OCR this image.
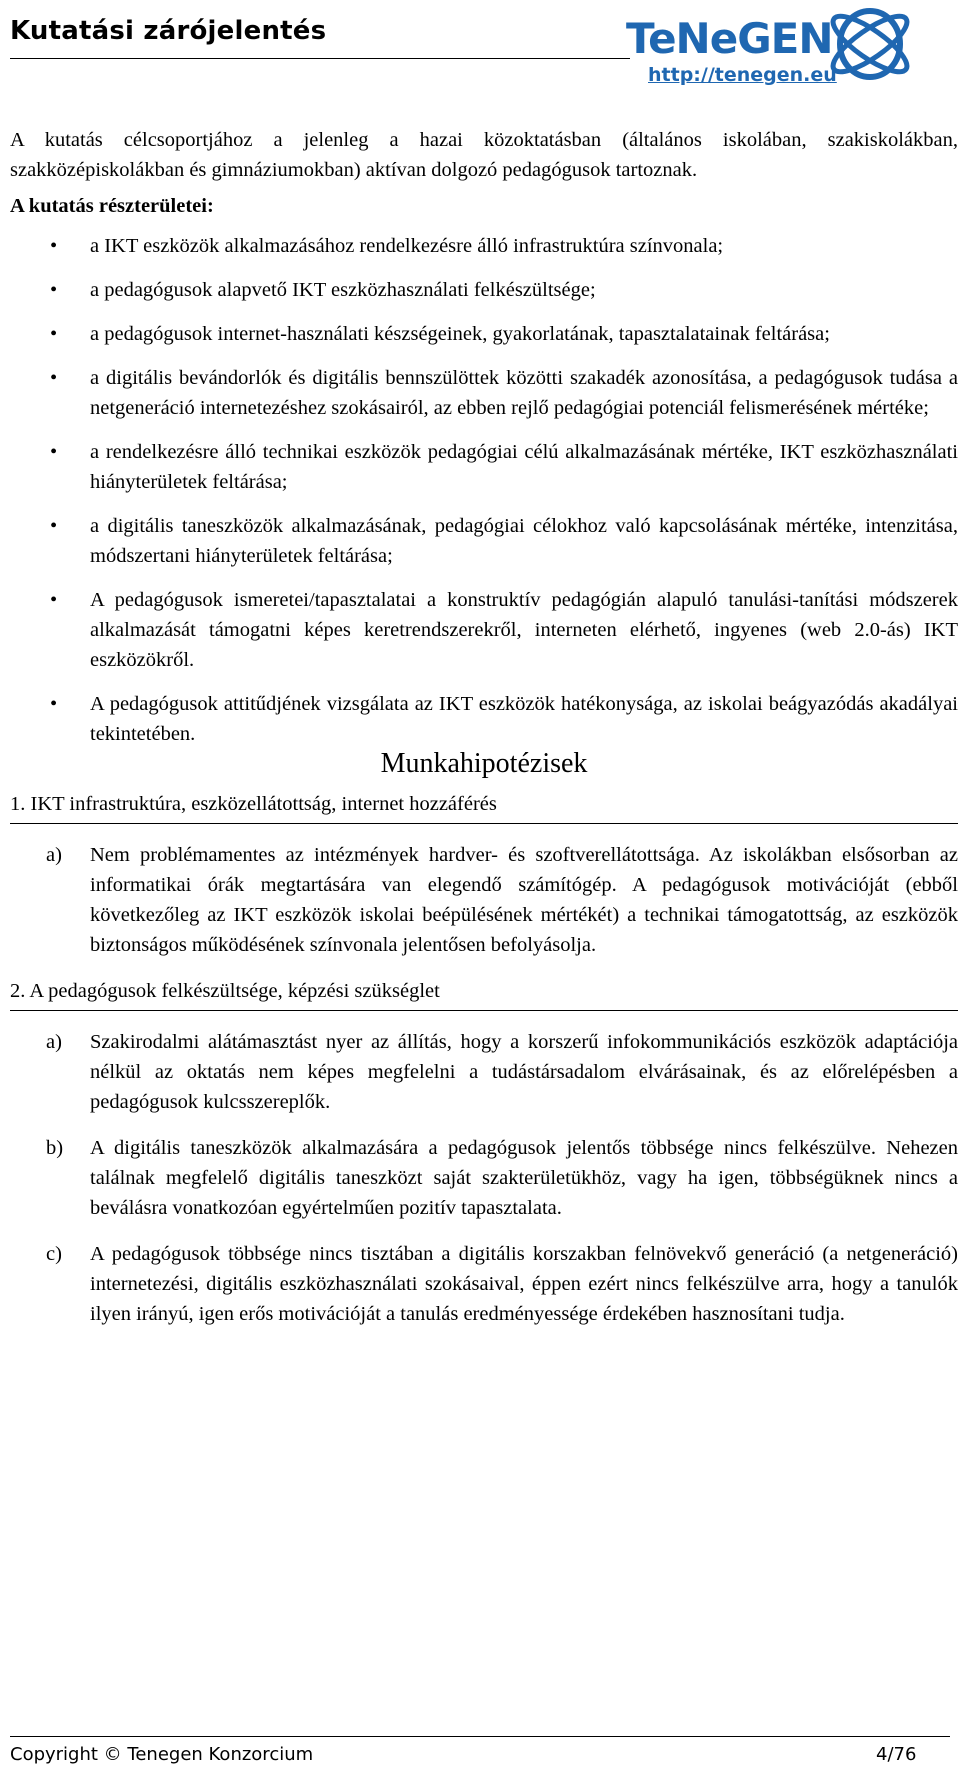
Kutatási zárójelentés	TeNeGEN
http://tenegen.eu

A kutatás célcsoportjához a jelenleg a hazai közoktatásban (általános iskolában, szakiskolákban, szakközépiskolákban és gimnáziumokban) aktívan dolgozó pedagógusok tartoznak.

A kutatás részterületei:

• a IKT eszközök alkalmazásához rendelkezésre álló infrastruktúra színvonala;
• a pedagógusok alapvető IKT eszközhasználati felkészültsége;
• a pedagógusok internet-használati készségeinek, gyakorlatának, tapasztalatainak feltárása;
• a digitális bevándorlók és digitális bennszülöttek közötti szakadék azonosítása, a pedagógusok tudása a netgeneráció internetezéshez szokásairól, az ebben rejlő pedagógiai potenciál felismerésének mértéke;
• a rendelkezésre álló technikai eszközök pedagógiai célú alkalmazásának mértéke, IKT eszközhasználati hiányterületek feltárása;
• a digitális taneszközök alkalmazásának, pedagógiai célokhoz való kapcsolásának mértéke, intenzitása, módszertani hiányterületek feltárása;
• A pedagógusok ismeretei/tapasztalatai a konstruktív pedagógián alapuló tanulási-tanítási módszerek alkalmazását támogatni képes keretrendszerekről, interneten elérhető, ingyenes (web 2.0-ás) IKT eszközökről.
• A pedagógusok attitűdjének vizsgálata az IKT eszközök hatékonysága, az iskolai beágyazódás akadályai tekintetében.
Munkahipotézisek

1. IKT infrastruktúra, eszközellátottság, internet hozzáférés

a) Nem problémamentes az intézmények hardver- és szoftverellátottsága. Az iskolákban elsősorban az informatikai órák megtartására van elegendő számítógép. A pedagógusok motivációját (ebből következőleg az IKT eszközök iskolai beépülésének mértékét) a technikai támogatottság, az eszközök biztonságos működésének színvonala jelentősen befolyásolja.

2. A pedagógusok felkészültsége, képzési szükséglet

a) Szakirodalmi alátámasztást nyer az állítás, hogy a korszerű infokommunikációs eszközök adaptációja nélkül az oktatás nem képes megfelelni a tudástársadalom elvárásainak, és az előrelépésben a pedagógusok kulcsszereplők.
b) A digitális taneszközök alkalmazására a pedagógusok jelentős többsége nincs felkészülve. Nehezen találnak megfelelő digitális taneszközt saját szakterületükhöz, vagy ha igen, többségüknek nincs a beválásra vonatkozóan egyértelműen pozitív tapasztalata.
c) A pedagógusok többsége nincs tisztában a digitális korszakban felnövekvő generáció (a netgeneráció) internetezési, digitális eszközhasználati szokásaival, éppen ezért nincs felkészülve arra, hogy a tanulók ilyen irányú, igen erős motivációját a tanulás eredményessége érdekében hasznosítani tudja.
Copyright © Tenegen Konzorcium	4/76
